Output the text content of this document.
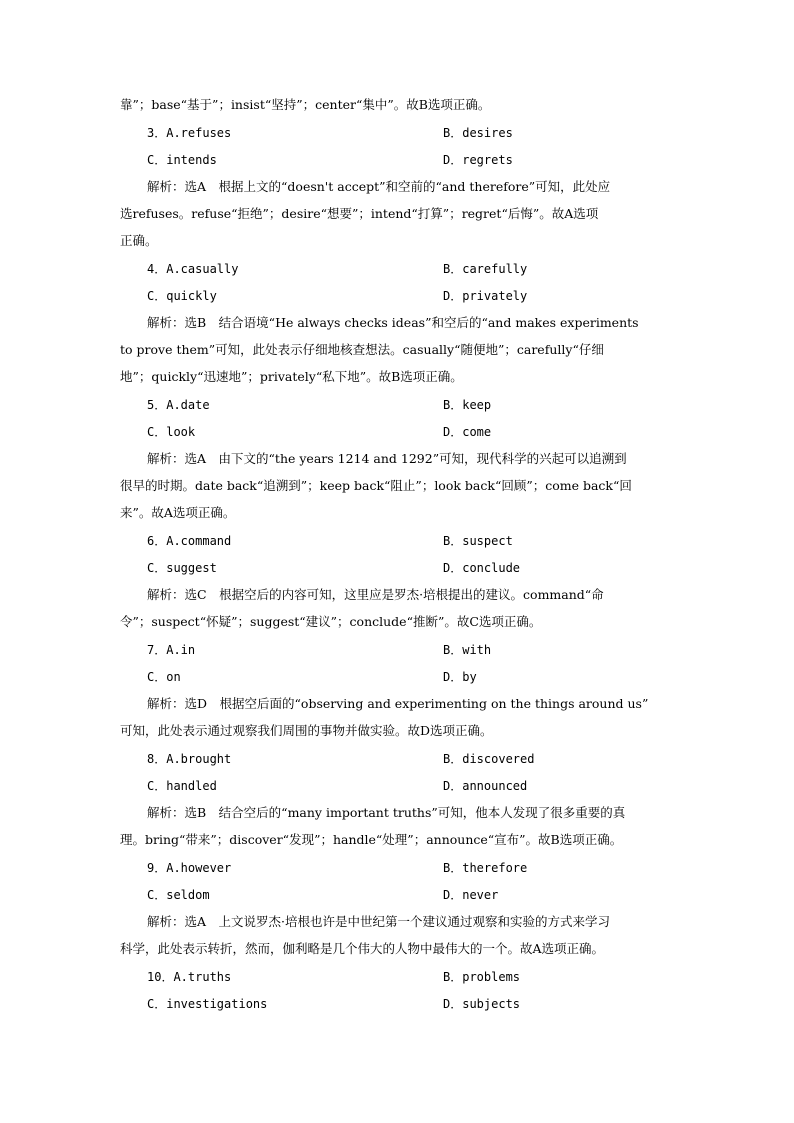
靠”；base“基于”；insist“坚持”；center“集中”。故B选项正确。
3．A.refuses	B．desires
C．intends	D．regrets
解析：选A　根据上文的“doesn't accept”和空前的“and therefore”可知，此处应
选refuses。refuse“拒绝”；desire“想要”；intend“打算”；regret“后悔”。故A选项
正确。
4．A.casually	B．carefully
C．quickly	D．privately
解析：选B　结合语境“He always checks ideas”和空后的“and makes experiments
to prove them”可知，此处表示仔细地核查想法。casually“随便地”；carefully“仔细
地”；quickly“迅速地”；privately“私下地”。故B选项正确。
5．A.date	B．keep
C．look	D．come
解析：选A　由下文的“the years 1214 and 1292”可知，现代科学的兴起可以追溯到
很早的时期。date back“追溯到”；keep back“阻止”；look back“回顾”；come back“回
来”。故A选项正确。
6．A.command	B．suspect
C．suggest	D．conclude
解析：选C　根据空后的内容可知，这里应是罗杰·培根提出的建议。command“命
令”；suspect“怀疑”；suggest“建议”；conclude“推断”。故C选项正确。
7．A.in	B．with
C．on	D．by
解析：选D　根据空后面的“observing and experimenting on the things around us”
可知，此处表示通过观察我们周围的事物并做实验。故D选项正确。
8．A.brought	B．discovered
C．handled	D．announced
解析：选B　结合空后的“many important truths”可知，他本人发现了很多重要的真
理。bring“带来”；discover“发现”；handle“处理”；announce“宣布”。故B选项正确。
9．A.however	B．therefore
C．seldom	D．never
解析：选A　上文说罗杰·培根也许是中世纪第一个建议通过观察和实验的方式来学习
科学，此处表示转折，然而，伽利略是几个伟大的人物中最伟大的一个。故A选项正确。
10．A.truths	B．problems
C．investigations	D．subjects
